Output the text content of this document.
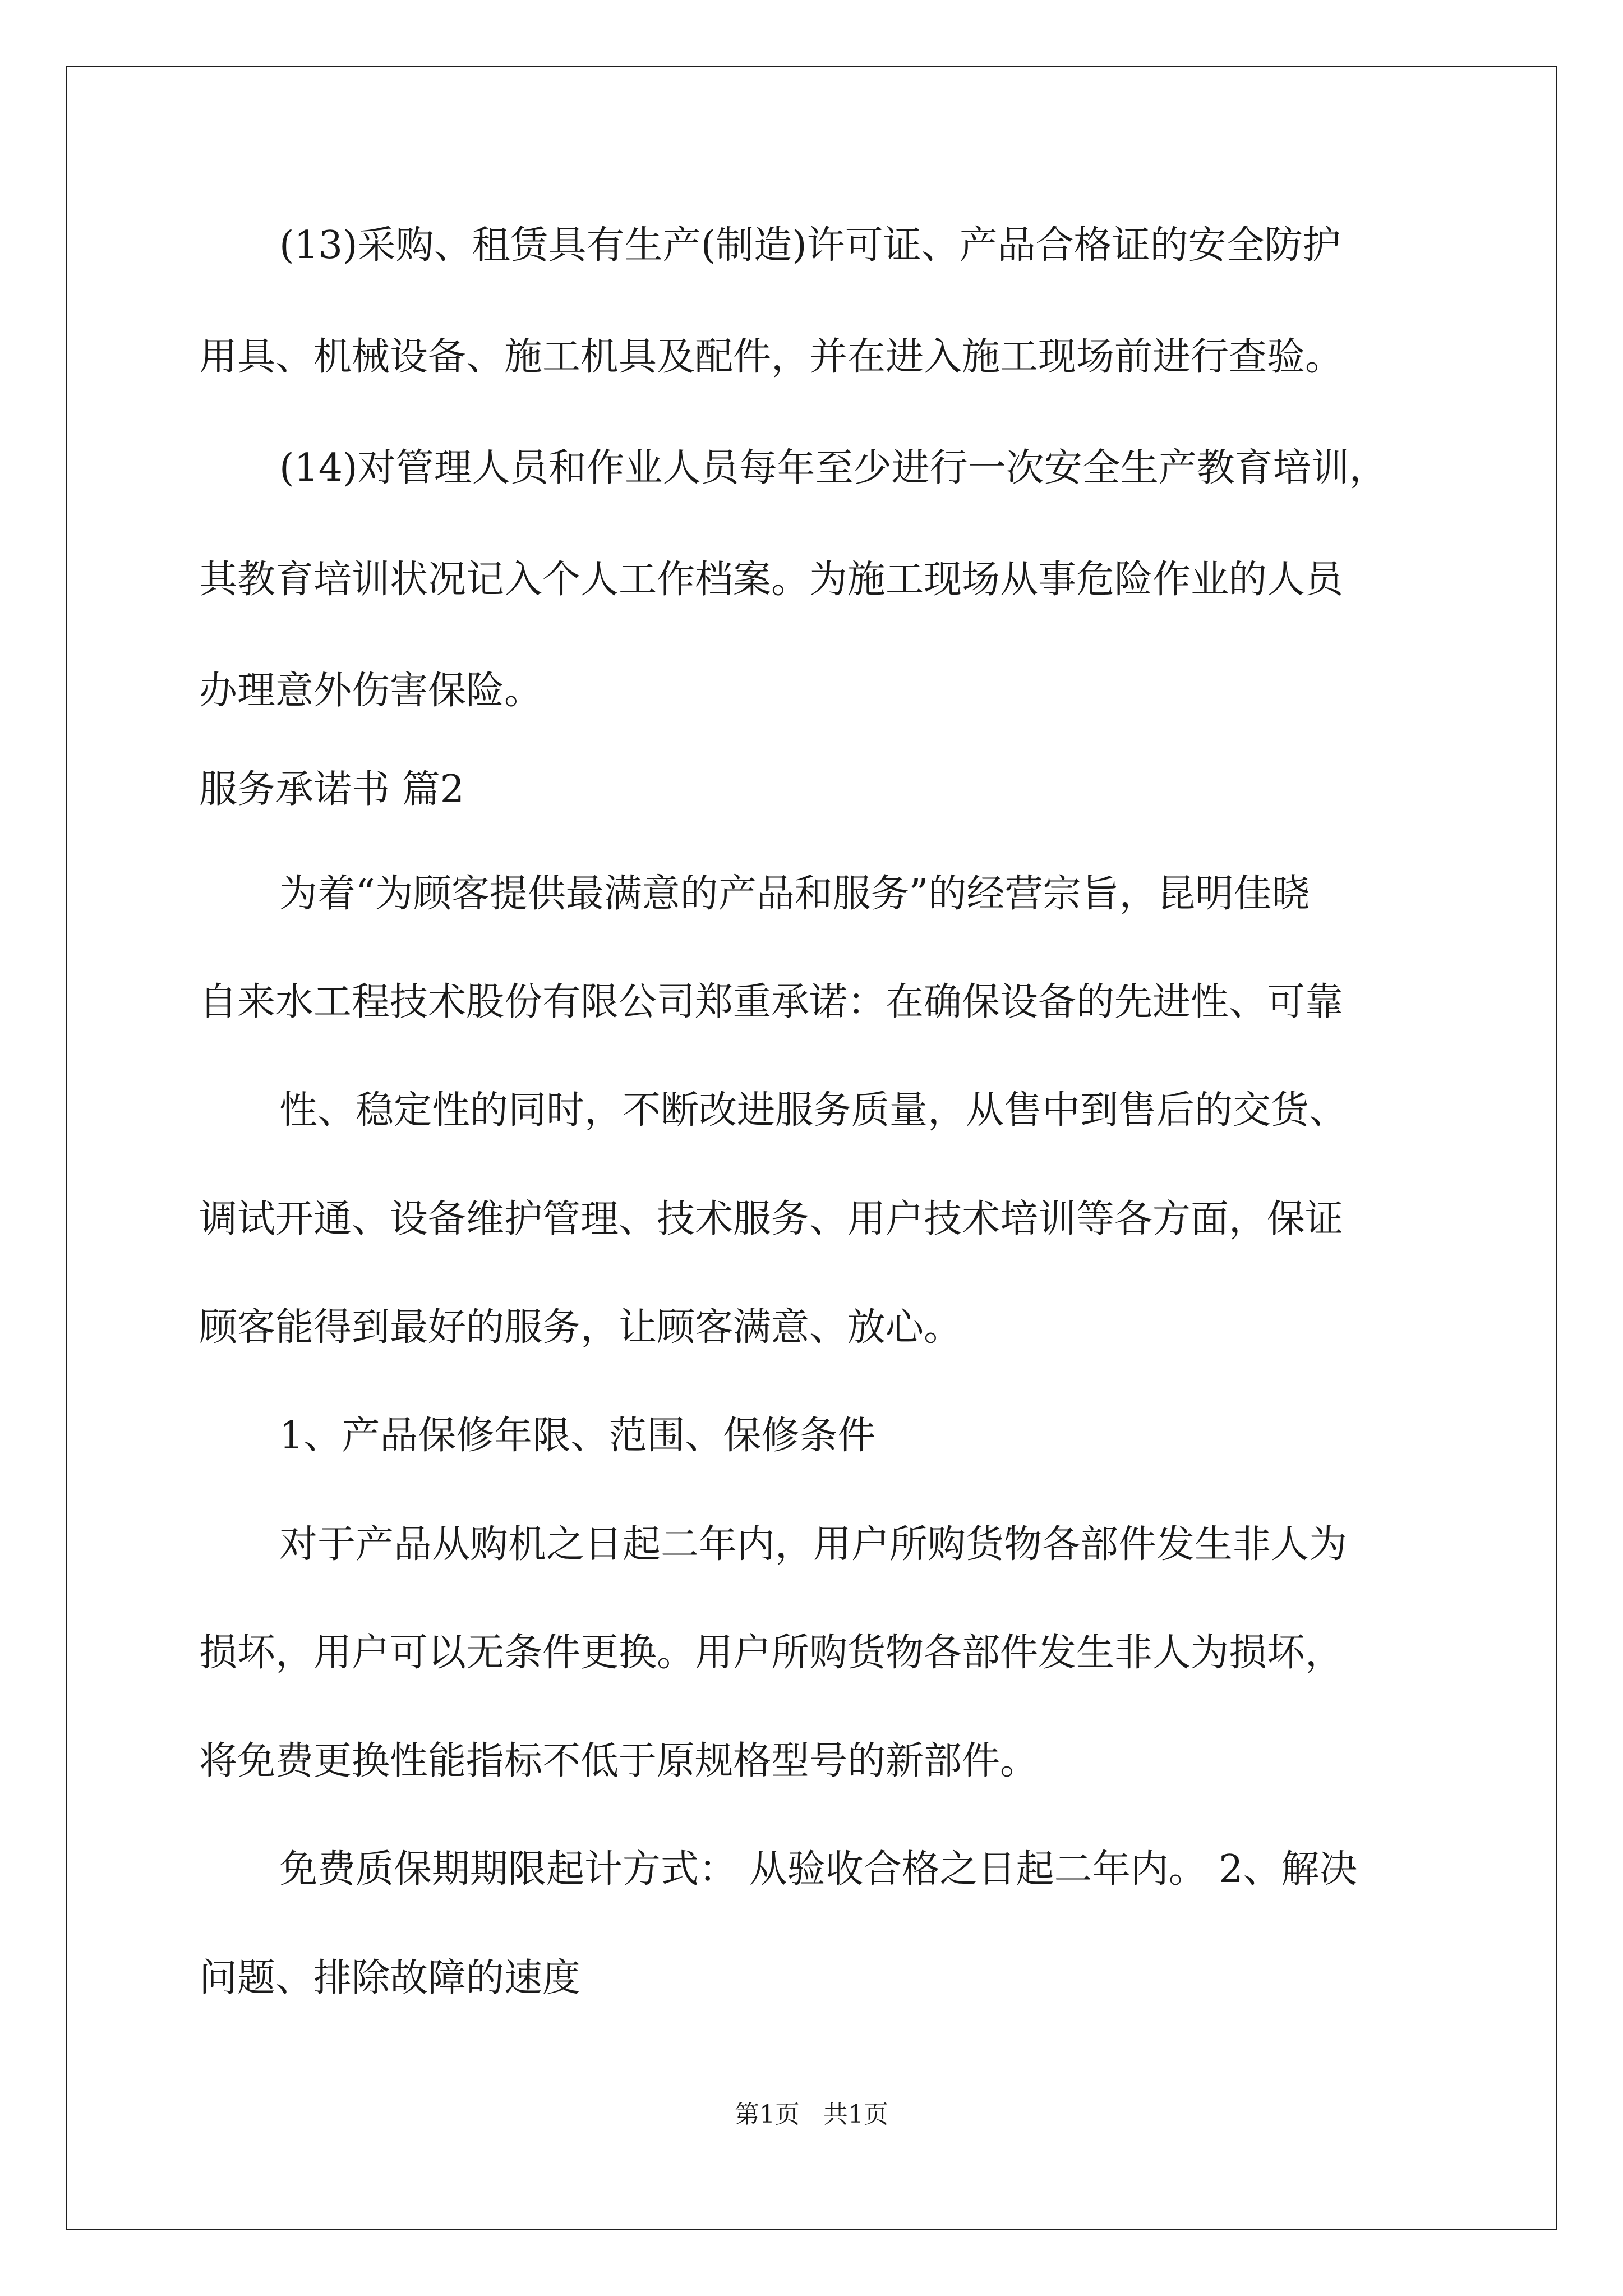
(13)采购、租赁具有生产(制造)许可证、产品合格证的安全防护
用具、机械设备、施工机具及配件，并在进入施工现场前进行查验。
(14)对管理人员和作业人员每年至少进行一次安全生产教育培训，
其教育培训状况记入个人工作档案。为施工现场从事危险作业的人员
办理意外伤害保险。
服务承诺书 篇2
为着“为顾客提供最满意的产品和服务”的经营宗旨，昆明佳晓
自来水工程技术股份有限公司郑重承诺：在确保设备的先进性、可靠
性、稳定性的同时，不断改进服务质量，从售中到售后的交货、
调试开通、设备维护管理、技术服务、用户技术培训等各方面，保证
顾客能得到最好的服务，让顾客满意、放心。
1、产品保修年限、范围、保修条件
对于产品从购机之日起二年内，用户所购货物各部件发生非人为
损坏，用户可以无条件更换。用户所购货物各部件发生非人为损坏，
将免费更换性能指标不低于原规格型号的新部件。
免费质保期期限起计方式： 从验收合格之日起二年内。 2、解决
问题、排除故障的速度
第1页   共1页
